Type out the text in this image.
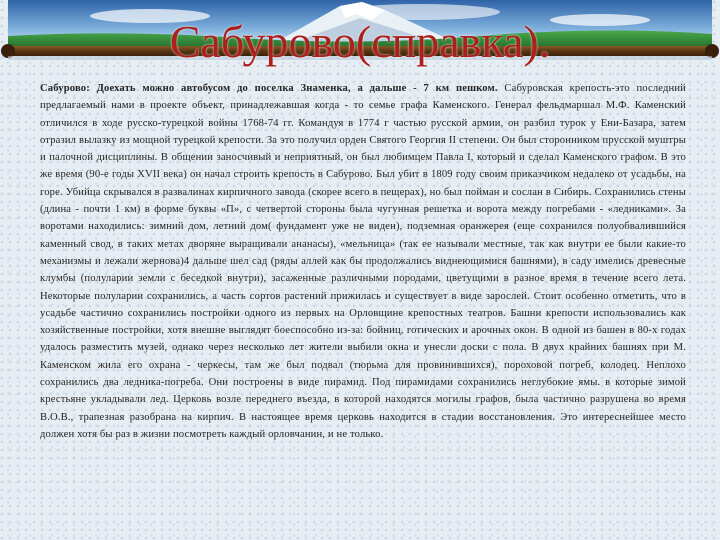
Сабурово(справка).
Сабурово: Доехать можно автобусом до поселка Знаменка, а дальше - 7 км пешком. Сабуровская крепость-это последний предлагаемый нами в проекте объект, принадлежавшая когда - то семье графа Каменского. Генерал фельдмаршал М.Ф. Каменский отличился в ходе русско-турецкой войны 1768-74 гг. Командуя в 1774 г частью русской армии, он разбил турок у Ени-Базара, затем отразил вылазку из мощной турецкой крепости. За это получил орден Святого Георгия II степени. Он был сторонником прусской муштры и палочной дисциплины. В общении заносчивый и неприятный, он был любимцем Павла I, который и сделал Каменского графом. В это же время (90-е годы XVII века) он начал строить крепость в Сабурово. Был убит в 1809 году своим приказчиком недалеко от усадьбы, на горе. Убийца скрывался в развалинах кирпичного завода (скорее всего в пещерах), но был пойман и сослан в Сибирь. Сохранились стены (длина - почти 1 км) в форме буквы «П», с четвертой стороны была чугунная решетка и ворота между погребами - «ледниками». За воротами находились: зимний дом, летний дом( фундамент уже не виден), подземная оранжерея (еще сохранился полуобвалившийся каменный свод, в таких метах дворяне выращивали ананасы), «мельница» (так ее называли местные, так как внутри ее были какие-то механизмы и лежали жернова)4 дальше шел сад (ряды аллей как бы продолжались виднеющимися башнями), в саду имелись древесные клумбы (полуларии земли с беседкой внутри), засаженные различными породами, цветущими в разное время в течение всего лета. Некоторые полуларии сохранились, а часть сортов растений прижилась и существует в виде зарослей. Стоит особенно отметить, что в усадьбе частично сохранились постройки одного из первых на Орловщине крепостных театров. Башни крепости использовались как хозяйственные постройки, хотя внешне выглядят боеспособно из-за: бойниц, готических и арочных окон. В одной из башен в 80-х годах удалось разместить музей, однако через несколько лет жители выбили окна и унесли доски с пола. В двух крайних башнях при М. Каменском жила его охрана - черкесы, там же был подвал (тюрьма для провинившихся), пороховой погреб, колодец. Неплохо сохранились два ледника-погреба. Они построены в виде пирамид. Под пирамидами сохранились неглубокие ямы. в которые зимой крестьяне укладывали лед. Церковь возле переднего въезда, в которой находятся могилы графов, была частично разрушена во время В.О.В., трапезная разобрана на кирпич. В настоящее время церковь находится в стадии восстановления. Это интереснейшее место должен хотя бы раз в жизни посмотреть каждый орловчанин, и не только.
